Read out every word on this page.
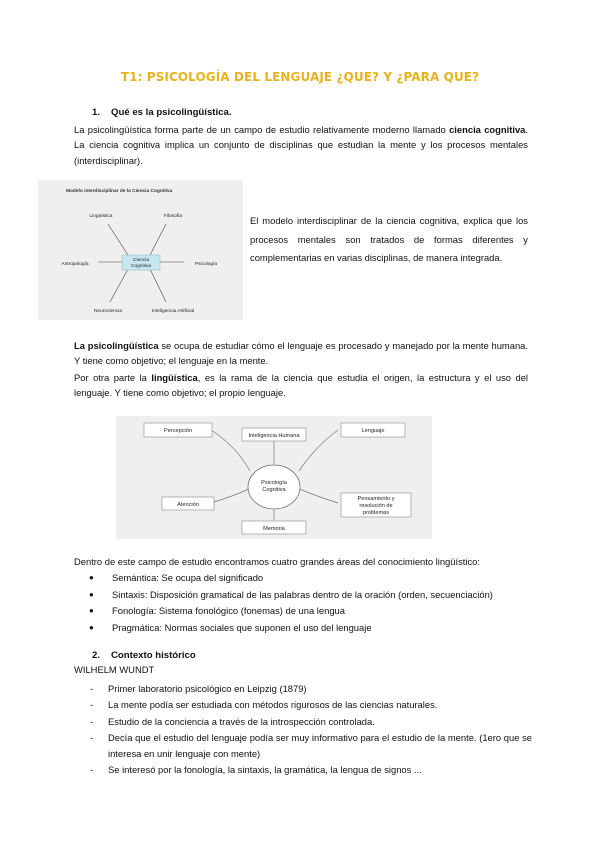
T1: PSICOLOGÍA DEL LENGUAJE ¿QUE? Y ¿PARA QUE?
1. Qué es la psicolingüística.
La psicolingüística forma parte de un campo de estudio relativamente moderno llamado ciencia cognitiva. La ciencia cognitiva implica un conjunto de disciplinas que estudian la mente y los procesos mentales (interdisciplinar).
Modelo interdisciplinar de la Ciencia Cognitiva
Ciencia
Cognitiva
Lingüística	Filosofía
Antropología	Psicología
Neurociencia	Inteligencia Artificial
El modelo interdisciplinar de la ciencia cognitiva, explica que los procesos mentales son tratados de formas diferentes y complementarias en varias disciplinas, de manera integrada.
La psicolingüística se ocupa de estudiar cómo el lenguaje es procesado y manejado por la mente humana. Y tiene como objetivo; el lenguaje en la mente.
Por otra parte la lingüística, es la rama de la ciencia que estudia el origen, la estructura y el uso del lenguaje. Y tiene como objetivo; el propio lenguaje.
Psicología
Cognitiva
Inteligencia Humana
Percepción	Lenguaje
Atención
Pensamiento y
resolución de
problemas
Memoria
Dentro de este campo de estudio encontramos cuatro grandes áreas del conocimiento lingüístico:
● Semántica: Se ocupa del significado
● Sintaxis: Disposición gramatical de las palabras dentro de la oración (orden, secuenciación)
● Fonología: Sistema fonológico (fonemas) de una lengua
● Pragmática: Normas sociales que suponen el uso del lenguaje
2. Contexto histórico
WILHELM WUNDT
- Primer laboratorio psicológico en Leipzig (1879)
- La mente podía ser estudiada con métodos rigurosos de las ciencias naturales.
- Estudio de la conciencia a través de la introspección controlada.
- Decía que el estudio del lenguaje podía ser muy informativo para el estudio de la mente. (1ero que se interesa en unir lenguaje con mente)
- Se interesó por la fonología, la sintaxis, la gramática, la lengua de signos ...
